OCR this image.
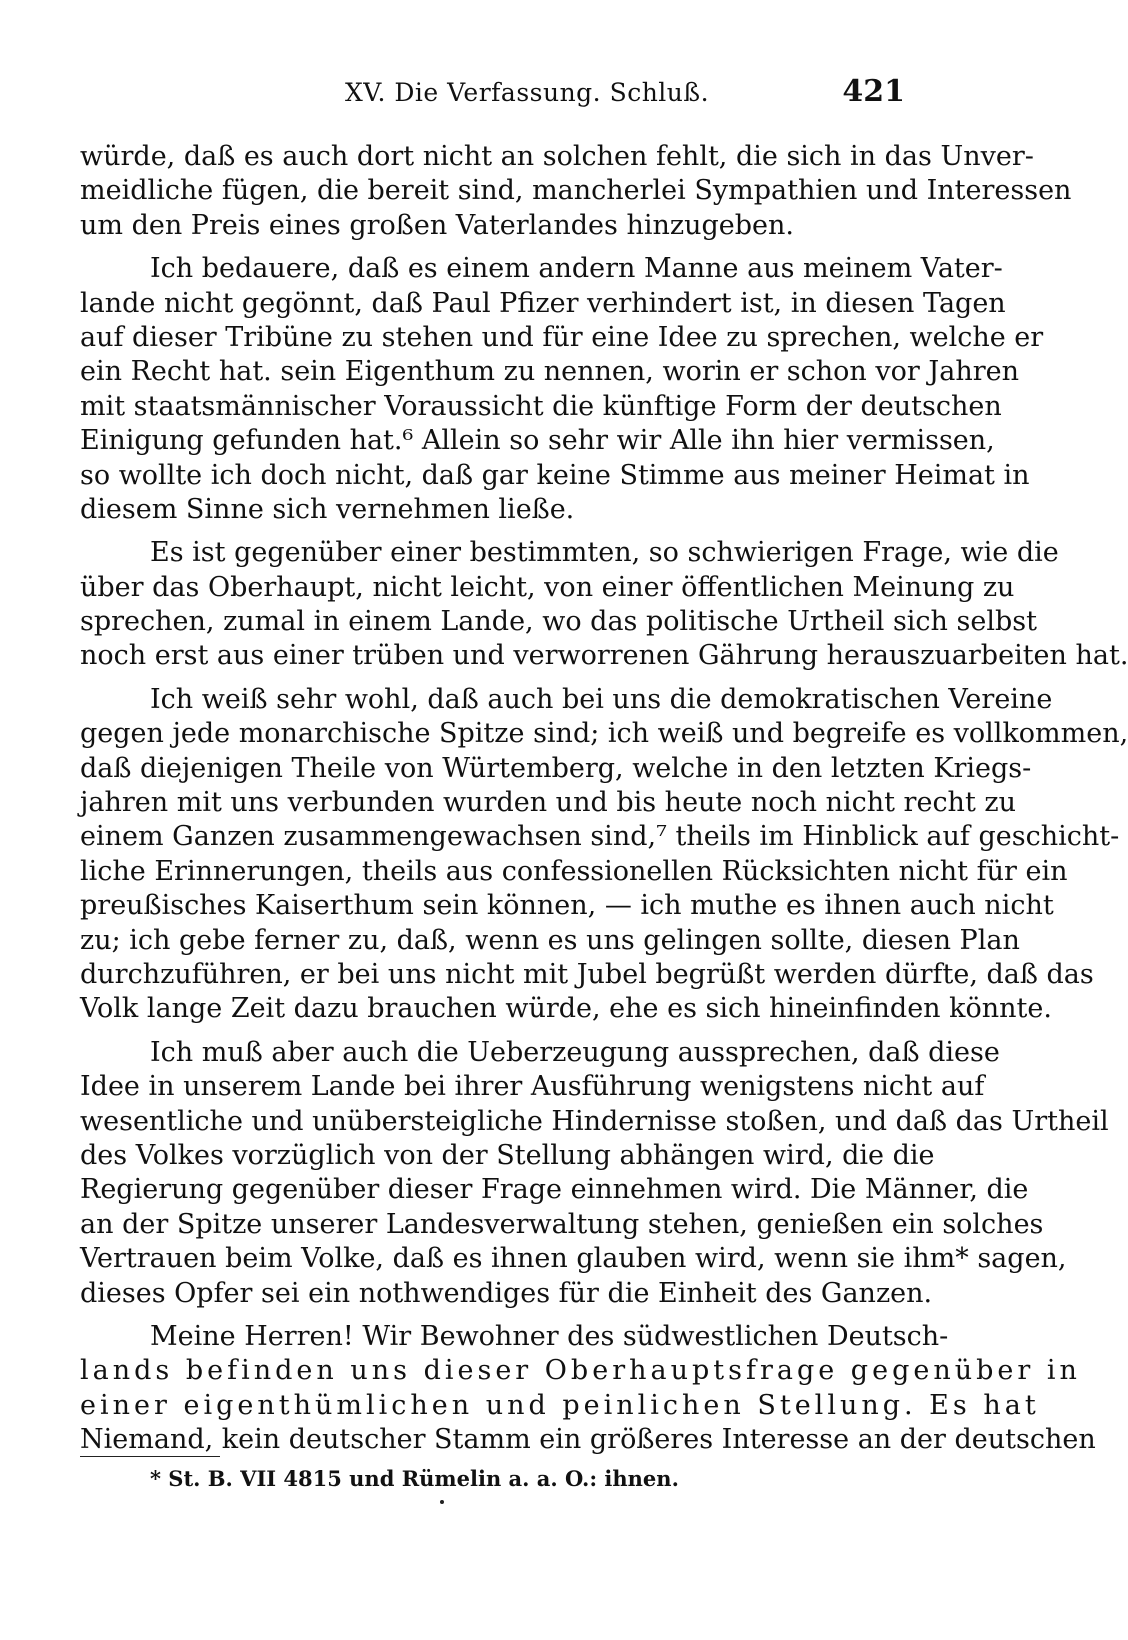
XV. Die Verfassung. Schluß.	421
würde, daß es auch dort nicht an solchen fehlt, die sich in das Unver-
meidliche fügen, die bereit sind, mancherlei Sympathien und Interessen
um den Preis eines großen Vaterlandes hinzugeben.
Ich bedauere, daß es einem andern Manne aus meinem Vater-
lande nicht gegönnt, daß Paul Pfizer verhindert ist, in diesen Tagen
auf dieser Tribüne zu stehen und für eine Idee zu sprechen, welche er
ein Recht hat. sein Eigenthum zu nennen, worin er schon vor Jahren
mit staatsmännischer Voraussicht die künftige Form der deutschen
Einigung gefunden hat.⁶ Allein so sehr wir Alle ihn hier vermissen,
so wollte ich doch nicht, daß gar keine Stimme aus meiner Heimat in
diesem Sinne sich vernehmen ließe.
Es ist gegenüber einer bestimmten, so schwierigen Frage, wie die
über das Oberhaupt, nicht leicht, von einer öffentlichen Meinung zu
sprechen, zumal in einem Lande, wo das politische Urtheil sich selbst
noch erst aus einer trüben und verworrenen Gährung herauszuarbeiten hat.
Ich weiß sehr wohl, daß auch bei uns die demokratischen Vereine
gegen jede monarchische Spitze sind; ich weiß und begreife es vollkommen,
daß diejenigen Theile von Würtemberg, welche in den letzten Kriegs-
jahren mit uns verbunden wurden und bis heute noch nicht recht zu
einem Ganzen zusammengewachsen sind,⁷ theils im Hinblick auf geschicht-
liche Erinnerungen, theils aus confessionellen Rücksichten nicht für ein
preußisches Kaiserthum sein können, — ich muthe es ihnen auch nicht
zu; ich gebe ferner zu, daß, wenn es uns gelingen sollte, diesen Plan
durchzuführen, er bei uns nicht mit Jubel begrüßt werden dürfte, daß das
Volk lange Zeit dazu brauchen würde, ehe es sich hineinfinden könnte.
Ich muß aber auch die Ueberzeugung aussprechen, daß diese
Idee in unserem Lande bei ihrer Ausführung wenigstens nicht auf
wesentliche und unübersteigliche Hindernisse stoßen, und daß das Urtheil
des Volkes vorzüglich von der Stellung abhängen wird, die die
Regierung gegenüber dieser Frage einnehmen wird. Die Männer, die
an der Spitze unserer Landesverwaltung stehen, genießen ein solches
Vertrauen beim Volke, daß es ihnen glauben wird, wenn sie ihm* sagen,
dieses Opfer sei ein nothwendiges für die Einheit des Ganzen.
Meine Herren! Wir Bewohner des südwestlichen Deutsch-
lands befinden uns dieser Oberhauptsfrage gegenüber in
einer eigenthümlichen und peinlichen Stellung. Es hat
Niemand, kein deutscher Stamm ein größeres Interesse an der deutschen
* St. B. VII 4815 und Rümelin a. a. O.: ihnen.
